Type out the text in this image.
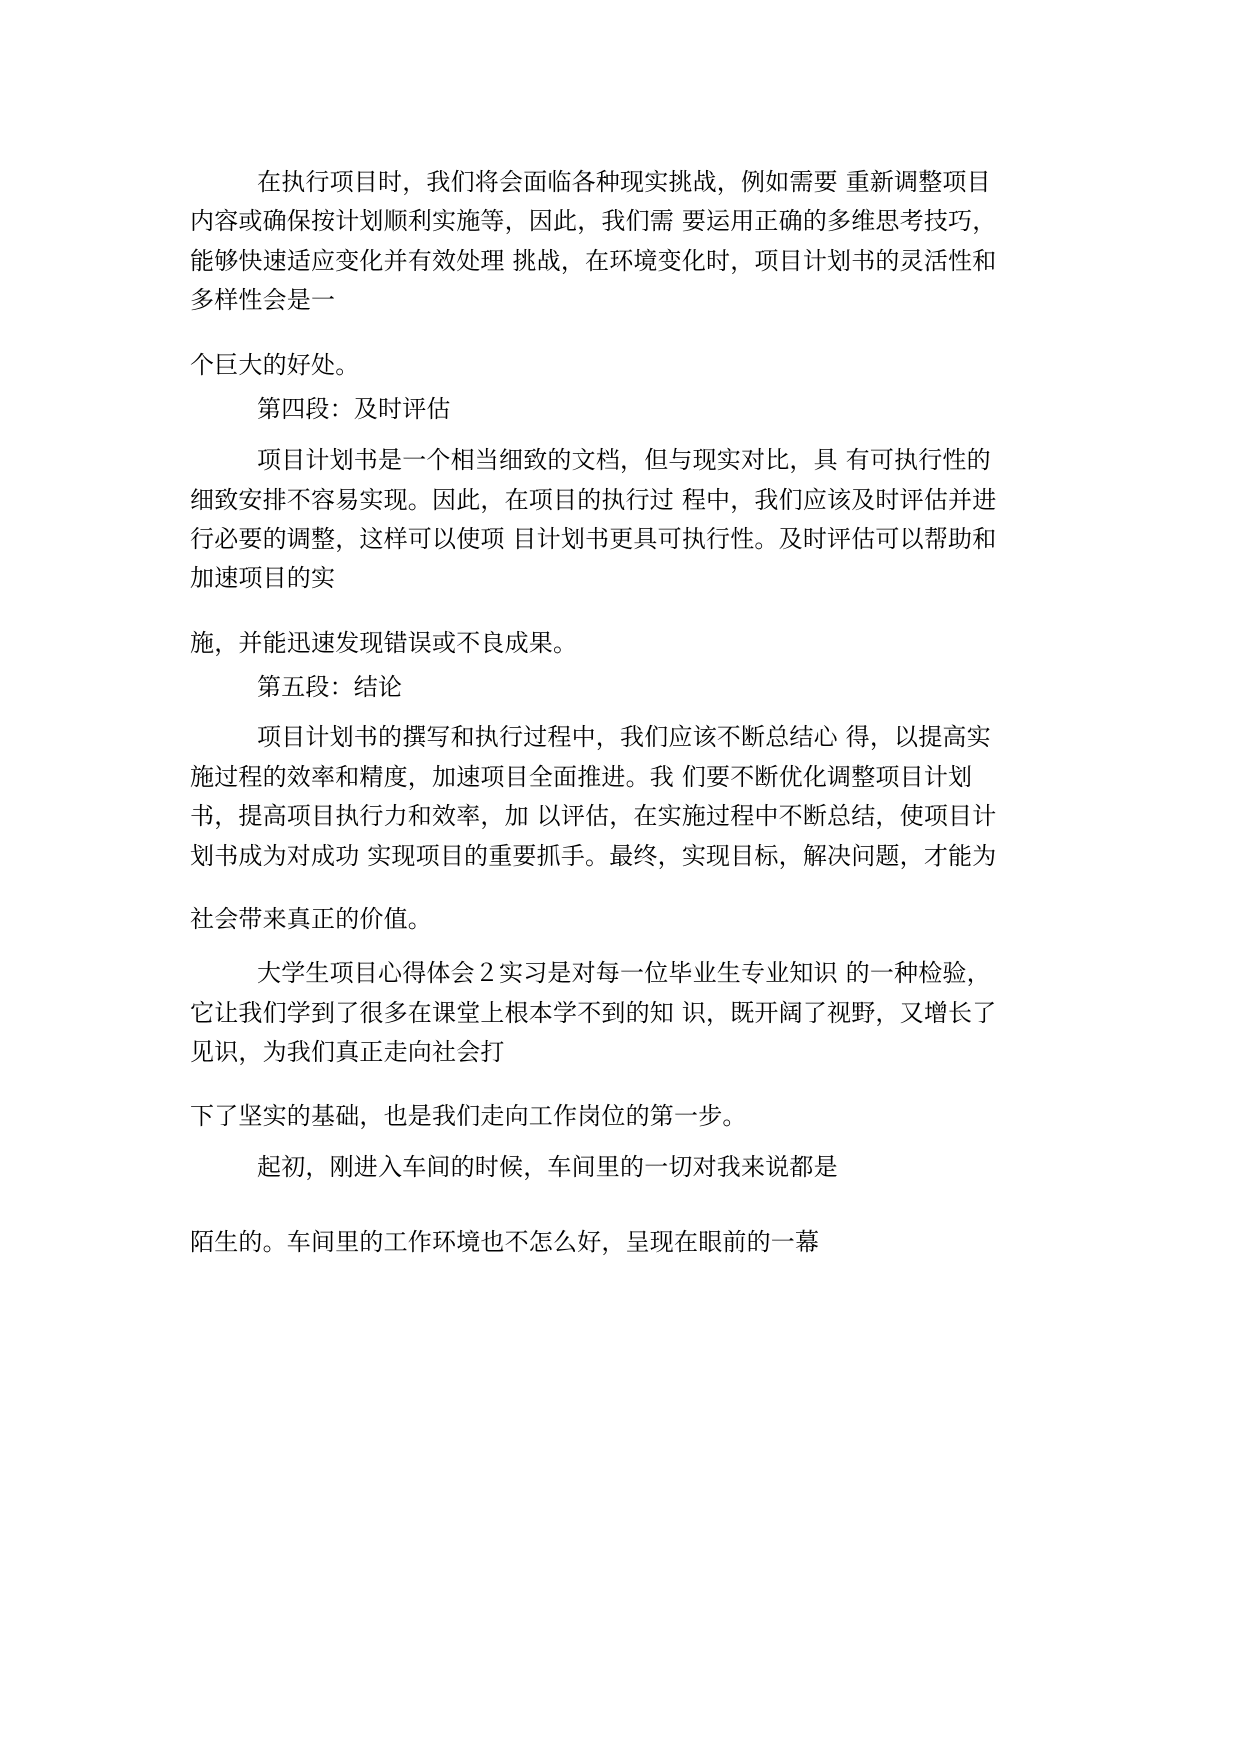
在执行项目时，我们将会面临各种现实挑战，例如需要 重新调整项目
内容或确保按计划顺利实施等，因此，我们需 要运用正确的多维思考技巧，
能够快速适应变化并有效处理 挑战，在环境变化时，项目计划书的灵活性和
多样性会是一
个巨大的好处。
第四段：及时评估
项目计划书是一个相当细致的文档，但与现实对比，具 有可执行性的
细致安排不容易实现。因此，在项目的执行过 程中，我们应该及时评估并进
行必要的调整，这样可以使项 目计划书更具可执行性。及时评估可以帮助和
加速项目的实
施，并能迅速发现错误或不良成果。
第五段：结论
项目计划书的撰写和执行过程中，我们应该不断总结心 得，以提高实
施过程的效率和精度，加速项目全面推进。我 们要不断优化调整项目计划
书，提高项目执行力和效率，加 以评估，在实施过程中不断总结，使项目计
划书成为对成功 实现项目的重要抓手。最终，实现目标，解决问题，才能为
社会带来真正的价值。
大学生项目心得体会２实习是对每一位毕业生专业知识 的一种检验，
它让我们学到了很多在课堂上根本学不到的知 识，既开阔了视野，又增长了
见识，为我们真正走向社会打
下了坚实的基础，也是我们走向工作岗位的第一步。
起初，刚进入车间的时候，车间里的一切对我来说都是
陌生的。车间里的工作环境也不怎么好，呈现在眼前的一幕
